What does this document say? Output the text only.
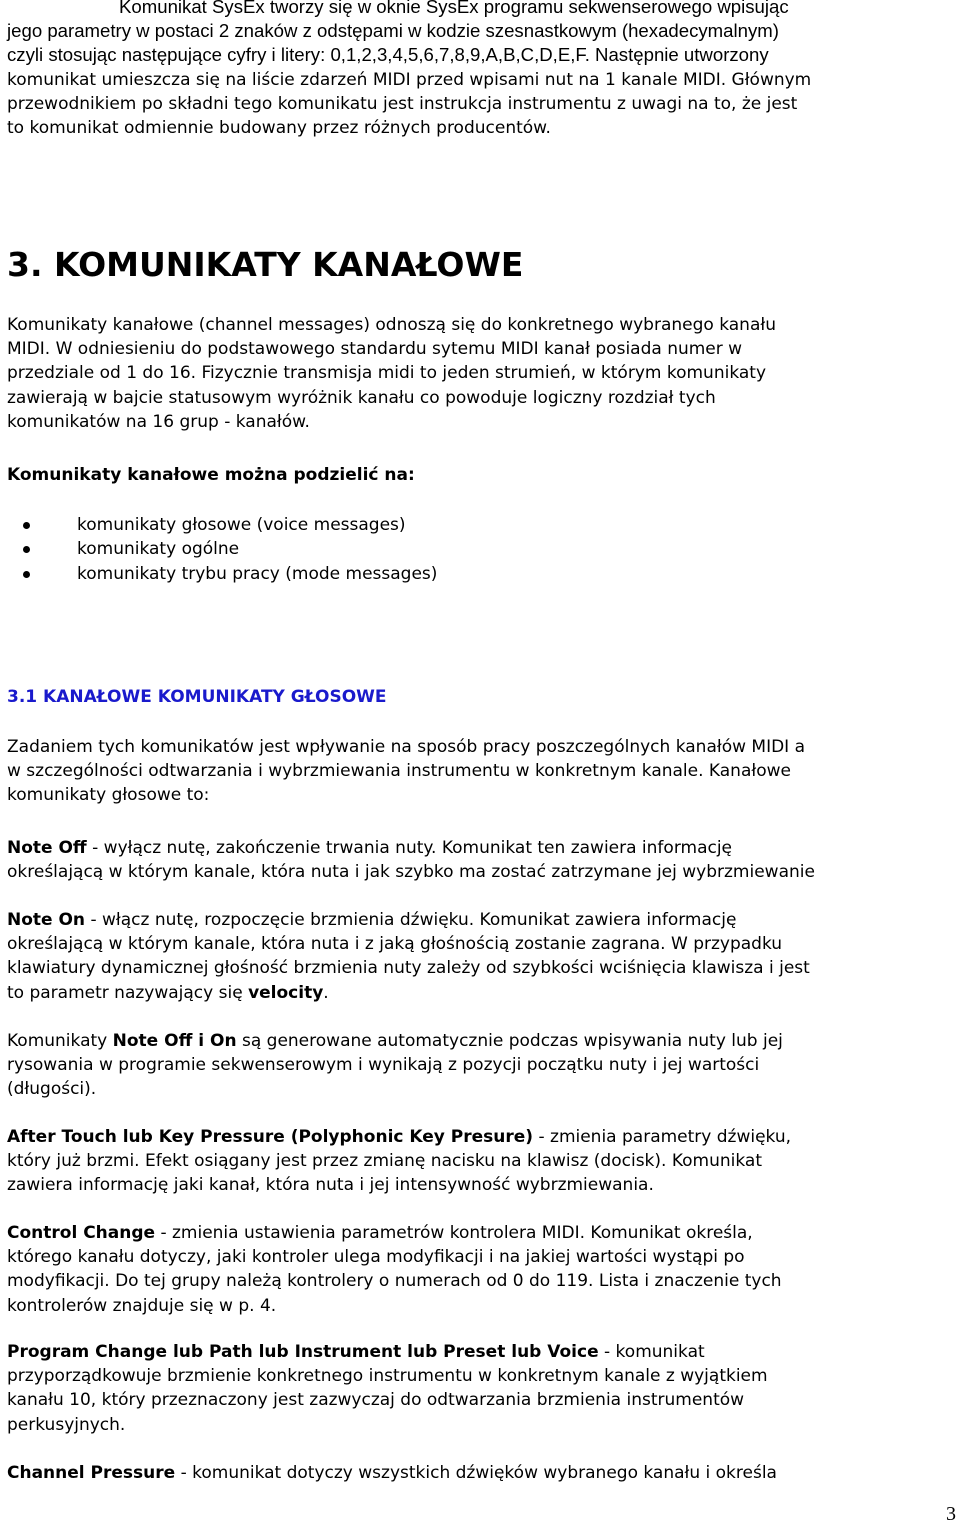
Komunikat SysEx tworzy się w oknie SysEx programu sekwenserowego wpisując
jego parametry w postaci 2 znaków z odstępami w kodzie szesnastkowym (hexadecymalnym)
czyli stosując następujące cyfry i litery: 0,1,2,3,4,5,6,7,8,9,A,B,C,D,E,F. Następnie utworzony
komunikat umieszcza się na liście zdarzeń MIDI przed wpisami nut na 1 kanale MIDI. Głównym
przewodnikiem po składni tego komunikatu jest instrukcja instrumentu z uwagi na to, że jest
to komunikat odmiennie budowany przez różnych producentów.
3. KOMUNIKATY KANAŁOWE
Komunikaty kanałowe (channel messages) odnoszą się do konkretnego wybranego kanału
MIDI. W odniesieniu do podstawowego standardu sytemu MIDI kanał posiada numer w
przedziale od 1 do 16. Fizycznie transmisja midi to jeden strumień, w którym komunikaty
zawierają w bajcie statusowym wyróżnik kanału co powoduje logiczny rozdział tych
komunikatów na 16 grup - kanałów.

Komunikaty kanałowe można podzielić na:

komunikaty głosowe (voice messages)
komunikaty ogólne
komunikaty trybu pracy (mode messages)
3.1 KANAŁOWE KOMUNIKATY GŁOSOWE
Zadaniem tych komunikatów jest wpływanie na sposób pracy poszczególnych kanałów MIDI a
w szczególności odtwarzania i wybrzmiewania instrumentu w konkretnym kanale. Kanałowe
komunikaty głosowe to:
Note Off - wyłącz nutę, zakończenie trwania nuty. Komunikat ten zawiera informację
określającą w którym kanale, która nuta i jak szybko ma zostać zatrzymane jej wybrzmiewanie
Note On - włącz nutę, rozpoczęcie brzmienia dźwięku. Komunikat zawiera informację
określającą w którym kanale, która nuta i z jaką głośnością zostanie zagrana. W przypadku
klawiatury dynamicznej głośność brzmienia nuty zależy od szybkości wciśnięcia klawisza i jest
to parametr nazywający się velocity.
Komunikaty Note Off i On są generowane automatycznie podczas wpisywania nuty lub jej
rysowania w programie sekwenserowym i wynikają z pozycji początku nuty i jej wartości
(długości).
After Touch lub Key Pressure (Polyphonic Key Presure) - zmienia parametry dźwięku,
który już brzmi. Efekt osiągany jest przez zmianę nacisku na klawisz (docisk). Komunikat
zawiera informację jaki kanał, która nuta i jej intensywność wybrzmiewania.
Control Change - zmienia ustawienia parametrów kontrolera MIDI. Komunikat określa,
którego kanału dotyczy, jaki kontroler ulega modyfikacji i na jakiej wartości wystąpi po
modyfikacji. Do tej grupy należą kontrolery o numerach od 0 do 119. Lista i znaczenie tych
kontrolerów znajduje się w p. 4.
Program Change lub Path lub Instrument lub Preset lub Voice - komunikat
przyporządkowuje brzmienie konkretnego instrumentu w konkretnym kanale z wyjątkiem
kanału 10, który przeznaczony jest zazwyczaj do odtwarzania brzmienia instrumentów
perkusyjnych.
Channel Pressure - komunikat dotyczy wszystkich dźwięków wybranego kanału i określa
3
